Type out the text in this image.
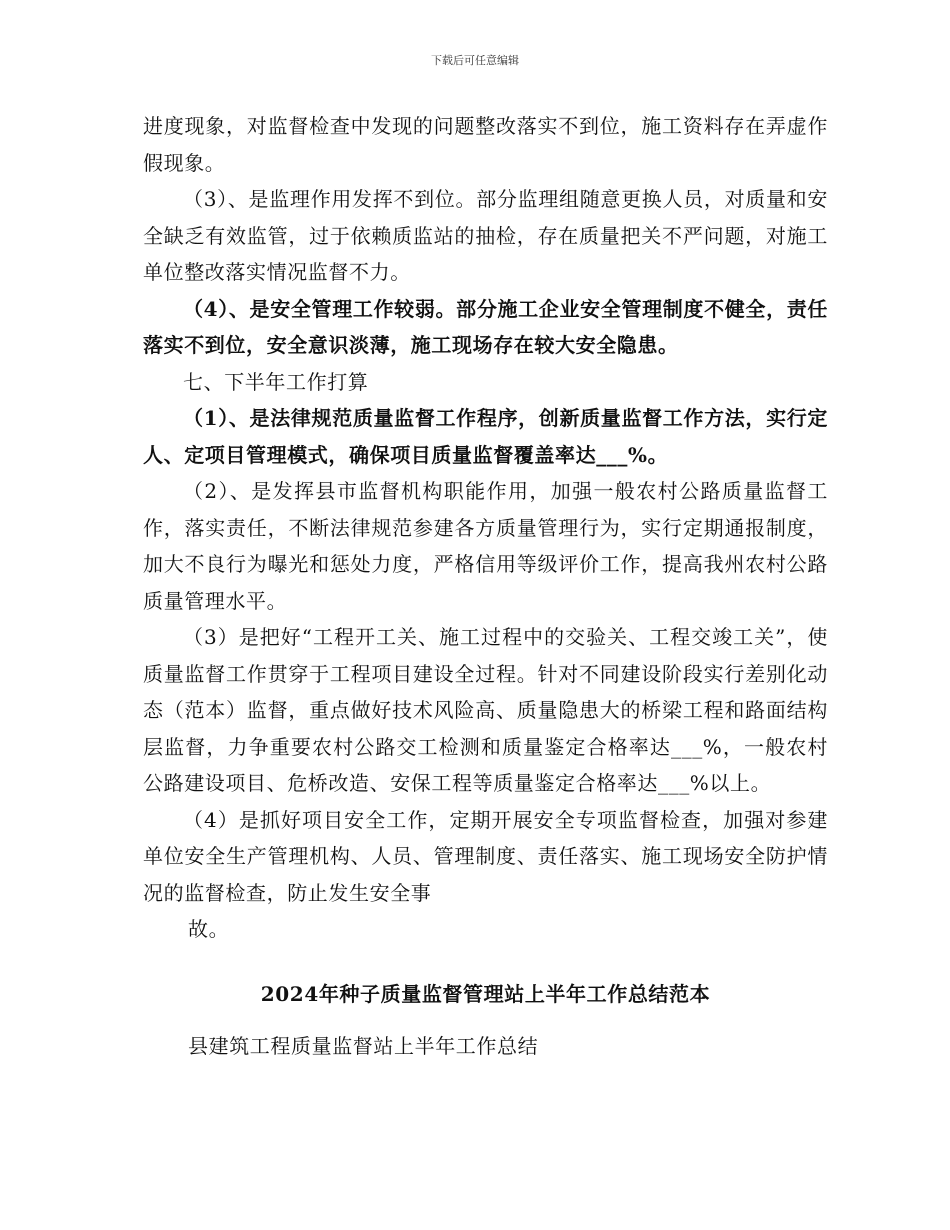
下载后可任意编辑

进度现象，对监督检查中发现的问题整改落实不到位，施工资料存在弄虚作假现象。

（3）、是监理作用发挥不到位。部分监理组随意更换人员，对质量和安全缺乏有效监管，过于依赖质监站的抽检，存在质量把关不严问题，对施工单位整改落实情况监督不力。

（4）、是安全管理工作较弱。部分施工企业安全管理制度不健全，责任落实不到位，安全意识淡薄，施工现场存在较大安全隐患。

七、下半年工作打算

（1）、是法律规范质量监督工作程序，创新质量监督工作方法，实行定人、定项目管理模式，确保项目质量监督覆盖率达___%。

（2）、是发挥县市监督机构职能作用，加强一般农村公路质量监督工作，落实责任，不断法律规范参建各方质量管理行为，实行定期通报制度，加大不良行为曝光和惩处力度，严格信用等级评价工作，提高我州农村公路质量管理水平。

（3）是把好“工程开工关、施工过程中的交验关、工程交竣工关”，使质量监督工作贯穿于工程项目建设全过程。针对不同建设阶段实行差别化动态（范本）监督，重点做好技术风险高、质量隐患大的桥梁工程和路面结构层监督，力争重要农村公路交工检测和质量鉴定合格率达___%，一般农村公路建设项目、危桥改造、安保工程等质量鉴定合格率达___%以上。

（4）是抓好项目安全工作，定期开展安全专项监督检查，加强对参建单位安全生产管理机构、人员、管理制度、责任落实、施工现场安全防护情况的监督检查，防止发生安全事

故。

2024年种子质量监督管理站上半年工作总结范本
县建筑工程质量监督站上半年工作总结
